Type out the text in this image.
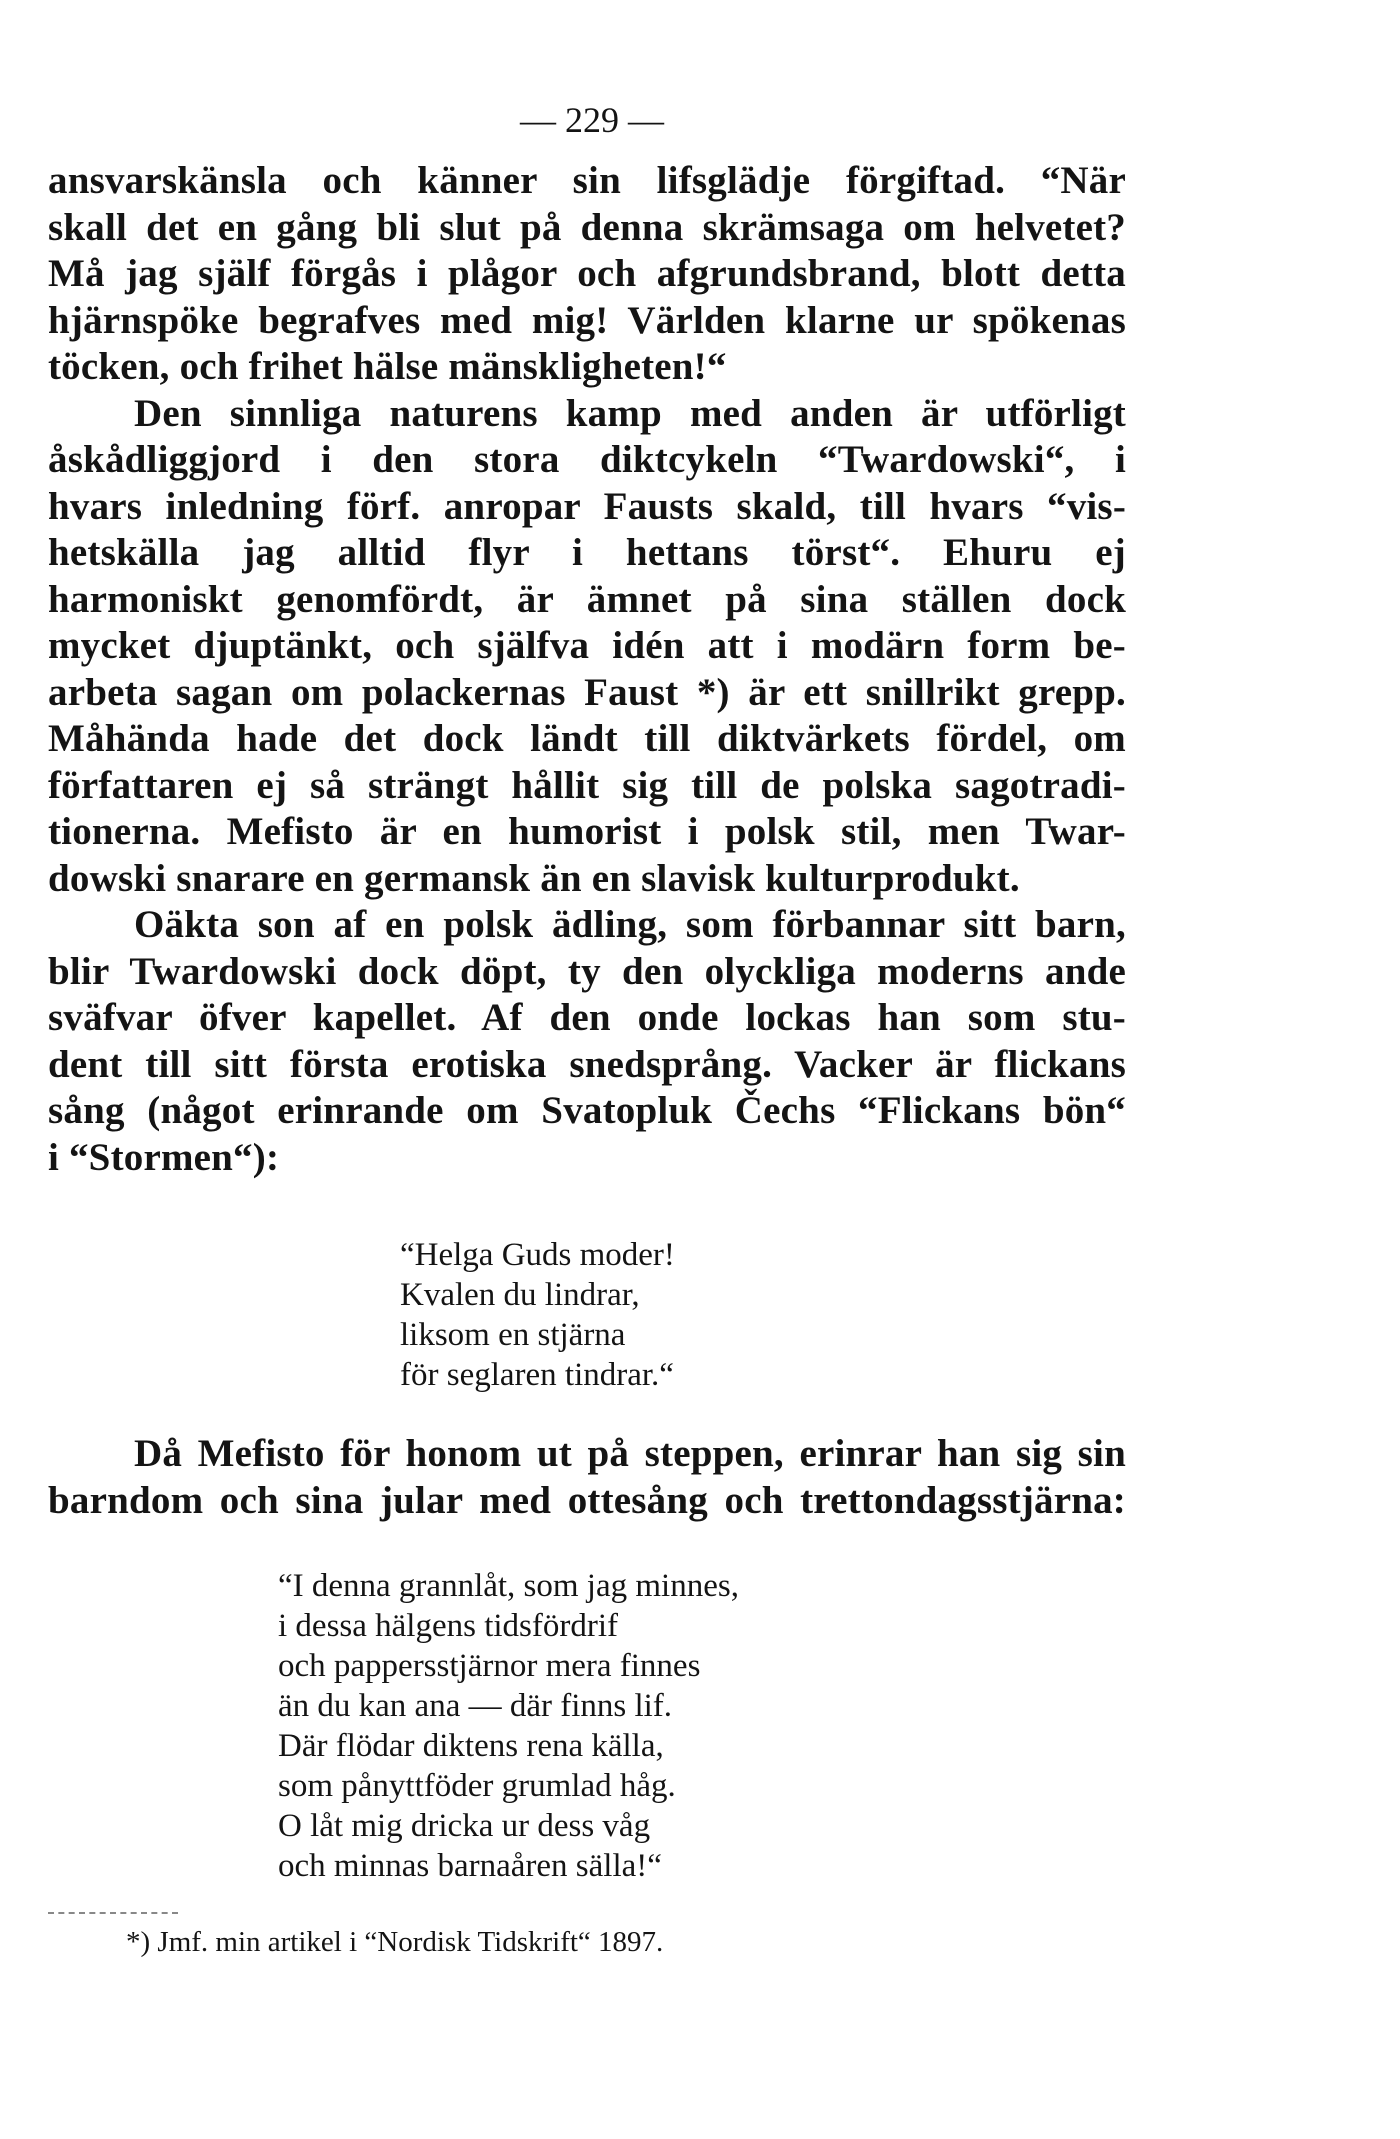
— 229 —
ansvarskänsla och känner sin lifsglädje förgiftad. “När
skall det en gång bli slut på denna skrämsaga om helvetet?
Må jag själf förgås i plågor och afgrundsbrand, blott detta
hjärnspöke begrafves med mig! Världen klarne ur spökenas
töcken, och frihet hälse mänskligheten!“
Den sinnliga naturens kamp med anden är utförligt
åskådliggjord i den stora diktcykeln “Twardowski“, i
hvars inledning förf. anropar Fausts skald, till hvars “vis-
hetskälla jag alltid flyr i hettans törst“. Ehuru ej
harmoniskt genomfördt, är ämnet på sina ställen dock
mycket djuptänkt, och själfva idén att i modärn form be-
arbeta sagan om polackernas Faust *) är ett snillrikt grepp.
Måhända hade det dock ländt till diktvärkets fördel, om
författaren ej så strängt hållit sig till de polska sagotradi-
tionerna. Mefisto är en humorist i polsk stil, men Twar-
dowski snarare en germansk än en slavisk kulturprodukt.
Oäkta son af en polsk ädling, som förbannar sitt barn,
blir Twardowski dock döpt, ty den olyckliga moderns ande
sväfvar öfver kapellet. Af den onde lockas han som stu-
dent till sitt första erotiska snedsprång. Vacker är flickans
sång (något erinrande om Svatopluk Čechs “Flickans bön“
i “Stormen“):
“Helga Guds moder!
Kvalen du lindrar,
liksom en stjärna
för seglaren tindrar.“
Då Mefisto för honom ut på steppen, erinrar han sig sin
barndom och sina jular med ottesång och trettondagsstjärna:
“I denna grannlåt, som jag minnes,
i dessa hälgens tidsfördrif
och pappersstjärnor mera finnes
än du kan ana — där finns lif.
Där flödar diktens rena källa,
som pånyttföder grumlad håg.
O låt mig dricka ur dess våg
och minnas barnaåren sälla!“
*) Jmf. min artikel i “Nordisk Tidskrift“ 1897.
